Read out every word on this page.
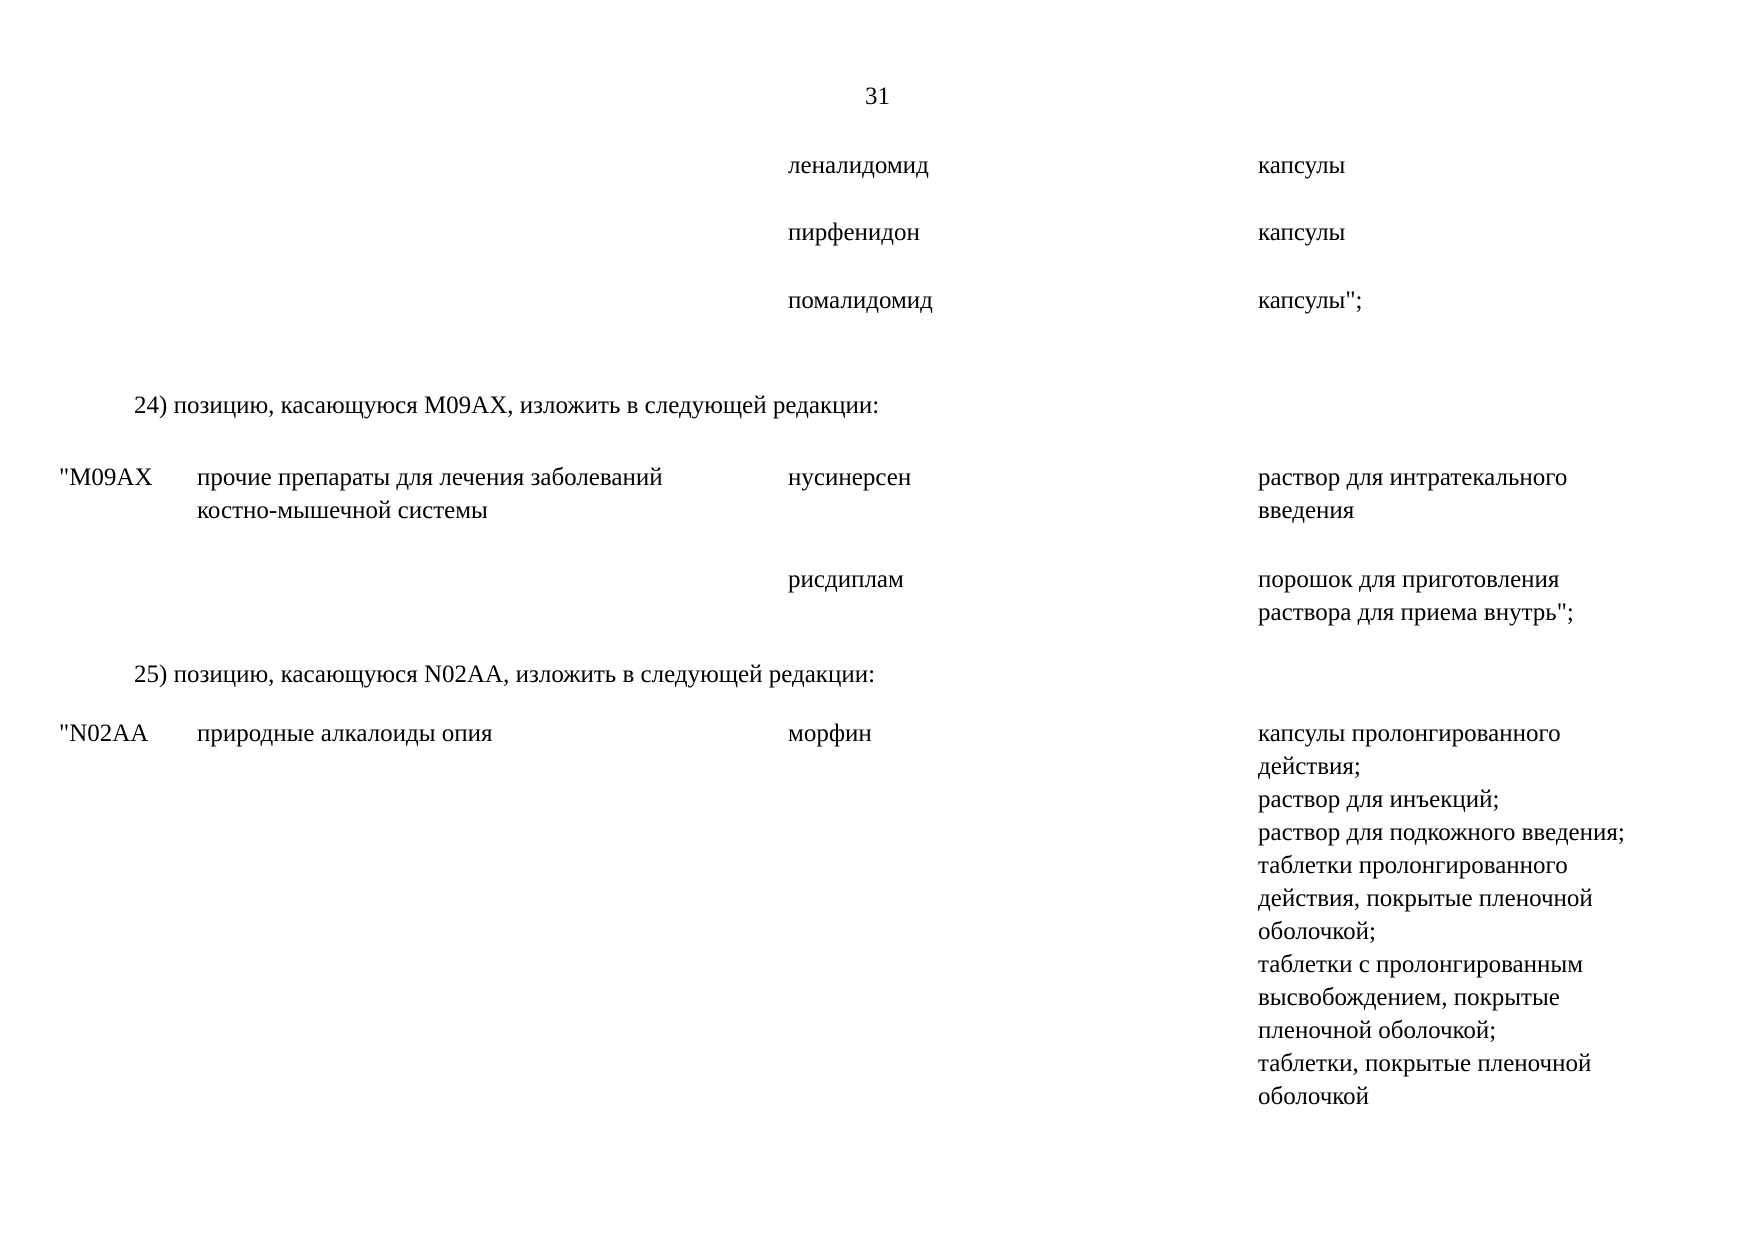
31
леналидомид	капсулы
пирфенидон	капсулы
помалидомид	капсулы";
24) позицию, касающуюся M09AX, изложить в следующей редакции:
"M09AX прочие препараты для лечения заболеваний
костно-мышечной системы
нусинерсен	раствор для интратекального
введения
рисдиплам	порошок для приготовления
раствора для приема внутрь";
25) позицию, касающуюся N02AA, изложить в следующей редакции:
"N02AA природные алкалоиды опия	морфин	капсулы пролонгированного
действия;
раствор для инъекций;
раствор для подкожного введения;
таблетки пролонгированного
действия, покрытые пленочной
оболочкой;
таблетки с пролонгированным
высвобождением, покрытые
пленочной оболочкой;
таблетки, покрытые пленочной
оболочкой
